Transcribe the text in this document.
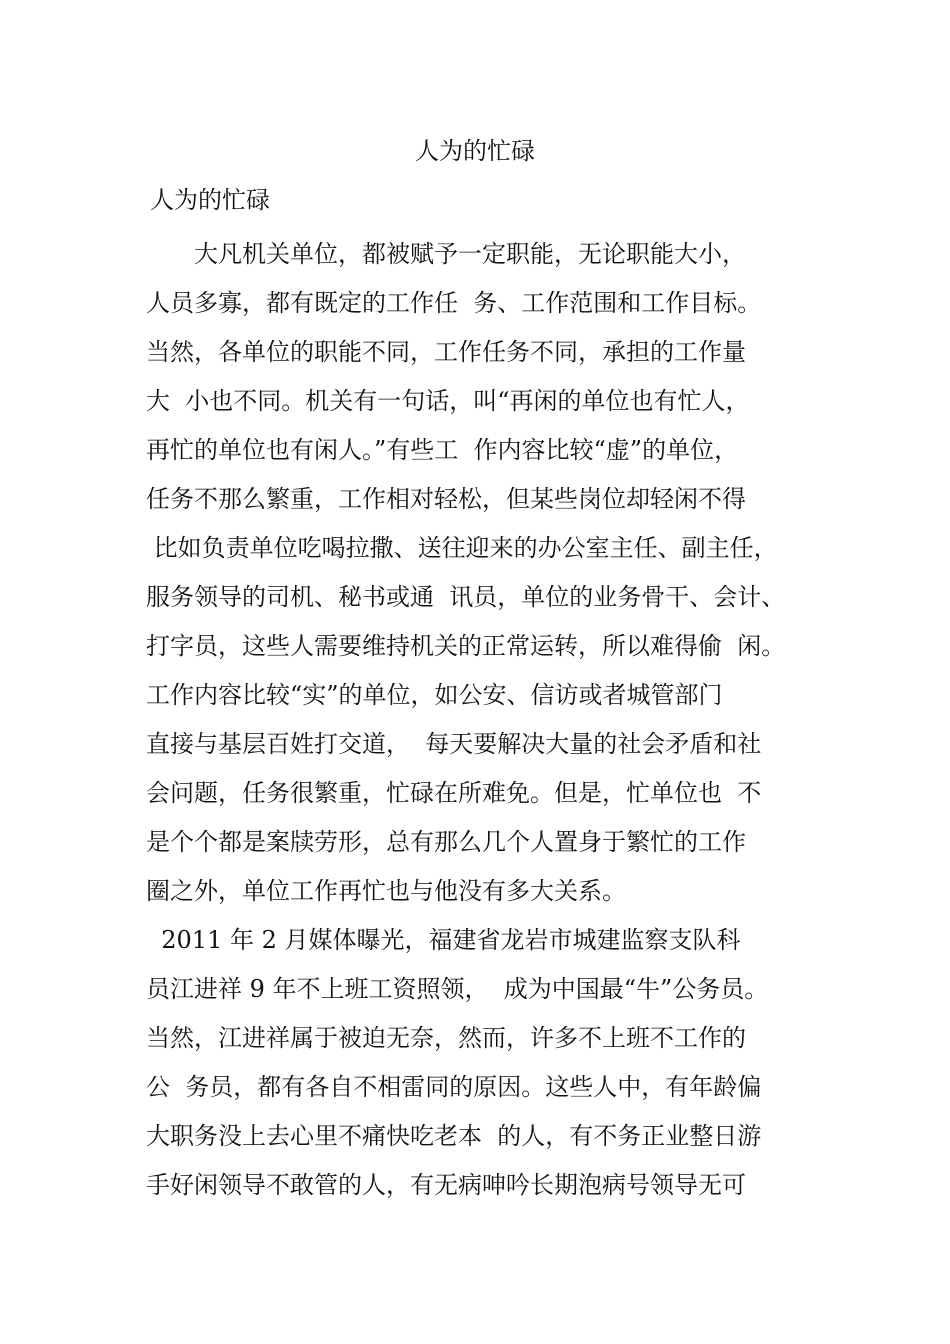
人为的忙碌

人为的忙碌

　　大凡机关单位，都被赋予一定职能，无论职能大小，

人员多寡，都有既定的工作任  务、工作范围和工作目标。

当然，各单位的职能不同，工作任务不同，承担的工作量

大  小也不同。机关有一句话，叫“再闲的单位也有忙人，

再忙的单位也有闲人。”有些工  作内容比较“虚”的单位，

任务不那么繁重，工作相对轻松，但某些岗位却轻闲不得

比如负责单位吃喝拉撒、送往迎来的办公室主任、副主任，

服务领导的司机、秘书或通  讯员，单位的业务骨干、会计、

打字员，这些人需要维持机关的正常运转，所以难得偷  闲。

工作内容比较“实”的单位，如公安、信访或者城管部门

直接与基层百姓打交道，  每天要解决大量的社会矛盾和社

会问题，任务很繁重，忙碌在所难免。但是，忙单位也  不

是个个都是案牍劳形，总有那么几个人置身于繁忙的工作

圈之外，单位工作再忙也与他没有多大关系。

2011 年 2 月媒体曝光，福建省龙岩市城建监察支队科

员江进祥 9 年不上班工资照领，  成为中国最“牛”公务员。

当然，江进祥属于被迫无奈，然而，许多不上班不工作的

公  务员，都有各自不相雷同的原因。这些人中，有年龄偏

大职务没上去心里不痛快吃老本  的人，有不务正业整日游

手好闲领导不敢管的人，有无病呻吟长期泡病号领导无可
